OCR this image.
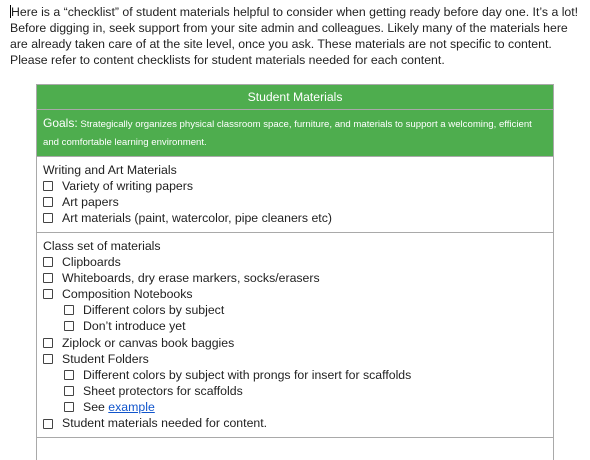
Here is a “checklist” of student materials helpful to consider when getting ready before day one. It’s a lot! Before digging in, seek support from your site admin and colleagues. Likely many of the materials here are already taken care of at the site level, once you ask. These materials are not specific to content. Please refer to content checklists for student materials needed for each content.
Student Materials
Goals: Strategically organizes physical classroom space, furniture, and materials to support a welcoming, efficient and comfortable learning environment.
Writing and Art Materials
Variety of writing papers
Art papers
Art materials (paint, watercolor, pipe cleaners etc)
Class set of materials
Clipboards
Whiteboards, dry erase markers, socks/erasers
Composition Notebooks
Different colors by subject
Don’t introduce yet
Ziplock or canvas book baggies
Student Folders
Different colors by subject with prongs for insert for scaffolds
Sheet protectors for scaffolds
See example
Student materials needed for content.
